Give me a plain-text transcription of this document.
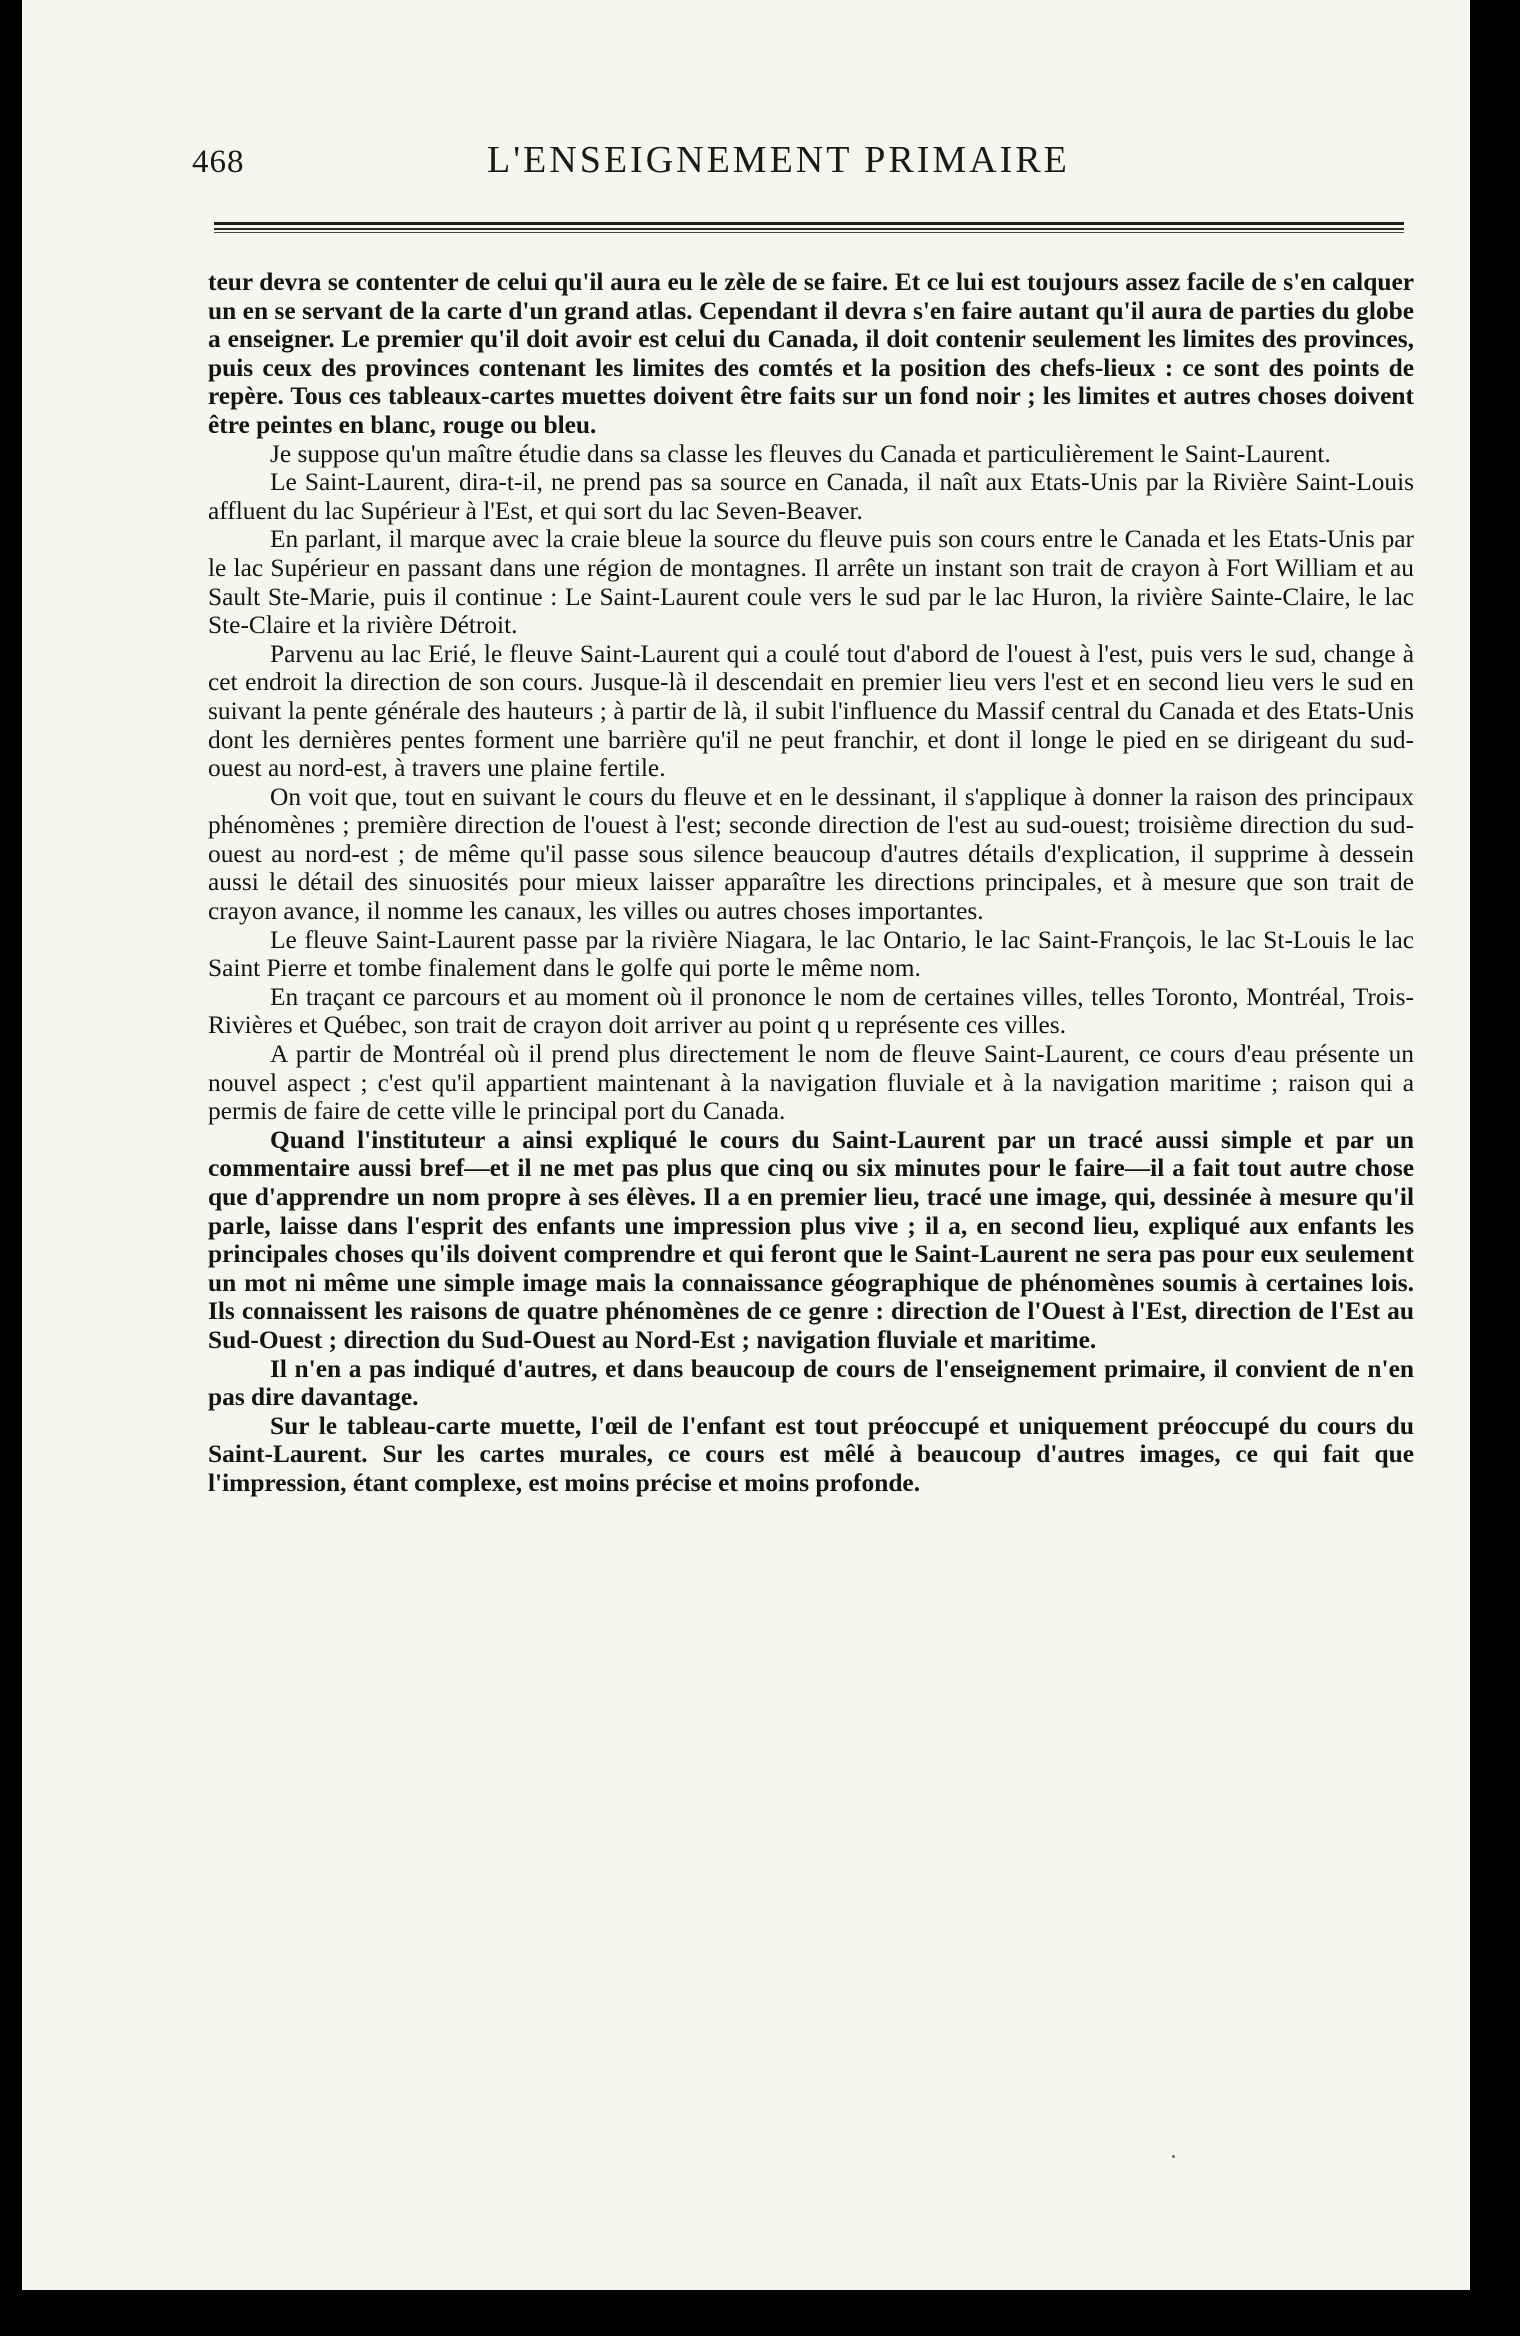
468	L'ENSEIGNEMENT PRIMAIRE

teur devra se contenter de celui qu'il aura eu le zèle de se faire. Et ce lui est toujours assez facile de s'en calquer un en se servant de la carte d'un grand atlas. Cependant il devra s'en faire autant qu'il aura de parties du globe a enseigner. Le premier qu'il doit avoir est celui du Canada, il doit contenir seulement les limites des provinces, puis ceux des provinces contenant les limites des comtés et la position des chefs-lieux : ce sont des points de repère. Tous ces tableaux-cartes muettes doivent être faits sur un fond noir ; les limites et autres choses doivent être peintes en blanc, rouge ou bleu.

Je suppose qu'un maître étudie dans sa classe les fleuves du Canada et particulièrement le Saint-Laurent.

Le Saint-Laurent, dira-t-il, ne prend pas sa source en Canada, il naît aux Etats-Unis par la Rivière Saint-Louis affluent du lac Supérieur à l'Est, et qui sort du lac Seven-Beaver.

En parlant, il marque avec la craie bleue la source du fleuve puis son cours entre le Canada et les Etats-Unis par le lac Supérieur en passant dans une région de montagnes. Il arrête un instant son trait de crayon à Fort William et au Sault Ste-Marie, puis il continue : Le Saint-Laurent coule vers le sud par le lac Huron, la rivière Sainte-Claire, le lac Ste-Claire et la rivière Détroit.

Parvenu au lac Erié, le fleuve Saint-Laurent qui a coulé tout d'abord de l'ouest à l'est, puis vers le sud, change à cet endroit la direction de son cours. Jusque-là il descendait en premier lieu vers l'est et en second lieu vers le sud en suivant la pente générale des hauteurs ; à partir de là, il subit l'influence du Massif central du Canada et des Etats-Unis dont les dernières pentes forment une barrière qu'il ne peut franchir, et dont il longe le pied en se dirigeant du sud-ouest au nord-est, à travers une plaine fertile.

On voit que, tout en suivant le cours du fleuve et en le dessinant, il s'applique à donner la raison des principaux phénomènes ; première direction de l'ouest à l'est; seconde direction de l'est au sud-ouest; troisième direction du sud-ouest au nord-est ; de même qu'il passe sous silence beaucoup d'autres détails d'explication, il supprime à dessein aussi le détail des sinuosités pour mieux laisser apparaître les directions principales, et à mesure que son trait de crayon avance, il nomme les canaux, les villes ou autres choses importantes.

Le fleuve Saint-Laurent passe par la rivière Niagara, le lac Ontario, le lac Saint-François, le lac St-Louis le lac Saint Pierre et tombe finalement dans le golfe qui porte le même nom.

En traçant ce parcours et au moment où il prononce le nom de certaines villes, telles Toronto, Montréal, Trois-Rivières et Québec, son trait de crayon doit arriver au point q u représente ces villes.

A partir de Montréal où il prend plus directement le nom de fleuve Saint-Laurent, ce cours d'eau présente un nouvel aspect ; c'est qu'il appartient maintenant à la navigation fluviale et à la navigation maritime ; raison qui a permis de faire de cette ville le principal port du Canada.

Quand l'instituteur a ainsi expliqué le cours du Saint-Laurent par un tracé aussi simple et par un commentaire aussi bref—et il ne met pas plus que cinq ou six minutes pour le faire—il a fait tout autre chose que d'apprendre un nom propre à ses élèves. Il a en premier lieu, tracé une image, qui, dessinée à mesure qu'il parle, laisse dans l'esprit des enfants une impression plus vive ; il a, en second lieu, expliqué aux enfants les principales choses qu'ils doivent comprendre et qui feront que le Saint-Laurent ne sera pas pour eux seulement un mot ni même une simple image mais la connaissance géographique de phénomènes soumis à certaines lois. Ils connaissent les raisons de quatre phénomènes de ce genre : direction de l'Ouest à l'Est, direction de l'Est au Sud-Ouest ; direction du Sud-Ouest au Nord-Est ; navigation fluviale et maritime.

Il n'en a pas indiqué d'autres, et dans beaucoup de cours de l'enseignement primaire, il convient de n'en pas dire davantage.

Sur le tableau-carte muette, l'œil de l'enfant est tout préoccupé et uniquement préoccupé du cours du Saint-Laurent. Sur les cartes murales, ce cours est mêlé à beaucoup d'autres images, ce qui fait que l'impression, étant complexe, est moins précise et moins profonde.
